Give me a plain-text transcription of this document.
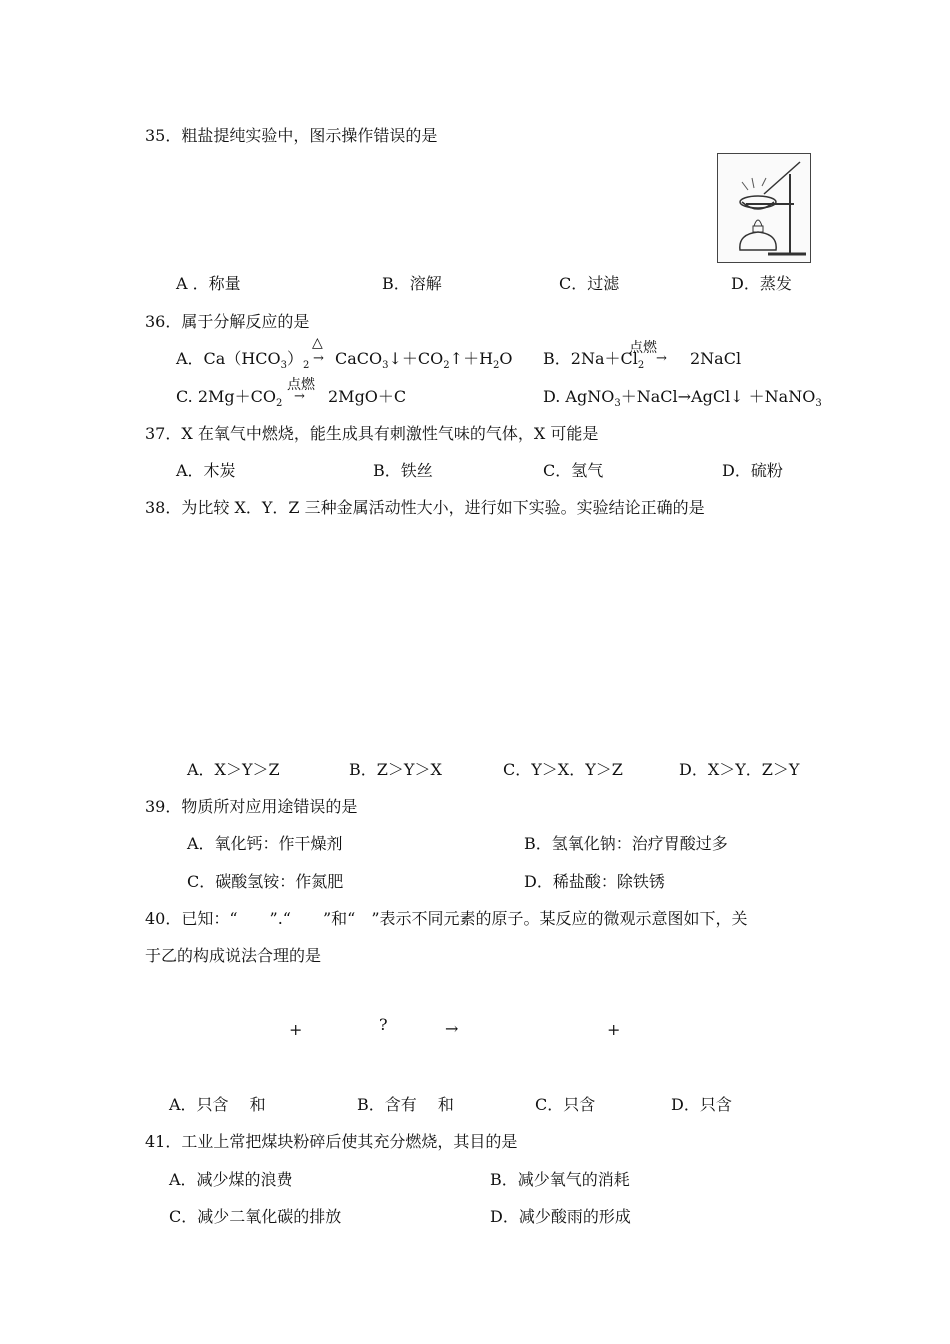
35．粗盐提纯实验中，图示操作错误的是
A ．称量	B．溶解	C．过滤	D．蒸发
36．属于分解反应的是
A．$Ca(HCO_3)_2$
△
→ $CaCO_3↓+CO_2↑+H_2O$ B．$2Na+Cl_2$
点燃
→ 2NaCl
C. $2Mg+CO_2$
点燃
→ 2MgO＋C	D. AgNO$_3$＋NaCl→AgCl↓ ＋NaNO$_3$
37．X 在氧气中燃烧，能生成具有刺激性气味的气体，X 可能是
A．木炭	B．铁丝	C．氢气	D．硫粉
38．为比较 X．Y．Z 三种金属活动性大小，进行如下实验。实验结论正确的是
A．X＞Y＞Z	B．Z＞Y＞X	C．Y＞X．Y＞Z	D．X＞Y．Z＞Y
39．物质所对应用途错误的是
A．氧化钙：作干燥剂	B．氢氧化钠：治疗胃酸过多
C．碳酸氢铵：作氮肥	D．稀盐酸：除铁锈
40．已知：“　　”.“　　”和“　”表示不同元素的原子。某反应的微观示意图如下，关
于乙的构成说法合理的是
+	?	→	+
A．只含　 和	B．含有　 和	C．只含	D．只含
41．工业上常把煤块粉碎后使其充分燃烧，其目的是
A．减少煤的浪费	B．减少氧气的消耗
C．减少二氧化碳的排放	D．减少酸雨的形成
